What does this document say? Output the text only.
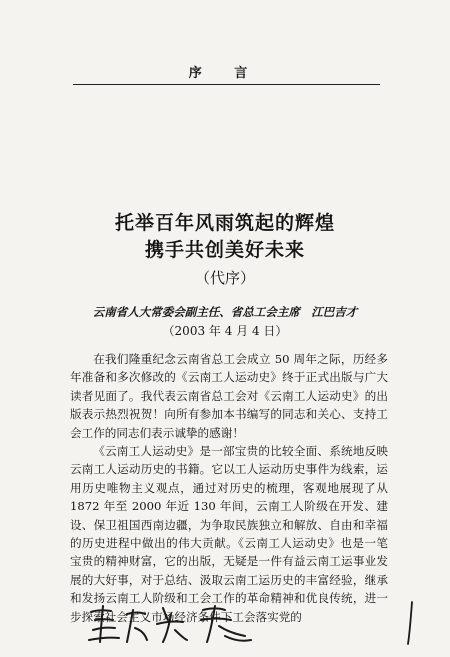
序 言
托举百年风雨筑起的辉煌
携手共创美好未来
（代序）
云南省人大常委会副主任、省总工会主席　江巴吉才
（2003 年 4 月 4 日）

在我们隆重纪念云南省总工会成立 50 周年之际，历经多年准备和多次修改的《云南工人运动史》终于正式出版与广大读者见面了。我代表云南省总工会对《云南工人运动史》的出版表示热烈祝贺！向所有参加本书编写的同志和关心、支持工会工作的同志们表示诚挚的感谢！

《云南工人运动史》是一部宝贵的比较全面、系统地反映云南工人运动历史的书籍。它以工人运动历史事件为线索，运用历史唯物主义观点，通过对历史的梳理，客观地展现了从 1872 年至 2000 年近 130 年间，云南工人阶级在开发、建设、保卫祖国西南边疆，为争取民族独立和解放、自由和幸福的历史进程中做出的伟大贡献。《云南工人运动史》也是一笔宝贵的精神财富，它的出版，无疑是一件有益云南工运事业发展的大好事，对于总结、汲取云南工运历史的丰富经验，继承和发扬云南工人阶级和工会工作的革命精神和优良传统，进一步探索社会主义市场经济条件下工会落实党的
